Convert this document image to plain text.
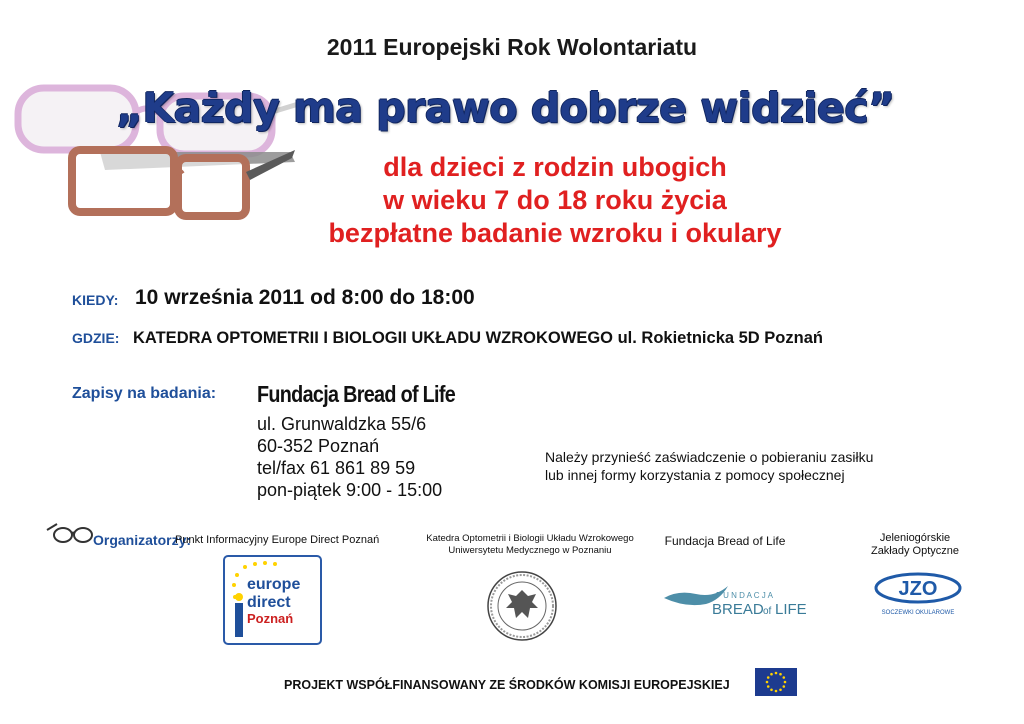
2011 Europejski Rok Wolontariatu
„Każdy ma prawo dobrze widzieć”
dla dzieci z rodzin ubogich
w wieku 7 do 18 roku życia
bezpłatne badanie wzroku i okulary
KIEDY: 10 września 2011 od 8:00 do 18:00
GDZIE: KATEDRA OPTOMETRII I BIOLOGII UKŁADU WZROKOWEGO ul. Rokietnicka 5D Poznań
Zapisy na badania: Fundacja Bread of Life
ul. Grunwaldzka 55/6
60-352 Poznań
tel/fax 61 861 89 59
pon-piątek 9:00 - 15:00
Należy przynieść zaświadczenie o pobieraniu zasiłku
lub innej formy korzystania z pomocy społecznej
Organizatorzy:
Punkt Informacyjny Europe Direct Poznań	Katedra Optometrii i Biologii Układu Wzrokowego
Uniwersytetu Medycznego w Poznaniu
Fundacja Bread of Life	Jeleniogórskie
Zakłady Optyczne
europe
direct
Poznań
F U N D A C J A
BREAD of LIFE
JZO
SOCZEWKI OKULAROWE
PROJEKT WSPÓŁFINANSOWANY ZE ŚRODKÓW KOMISJI EUROPEJSKIEJ
